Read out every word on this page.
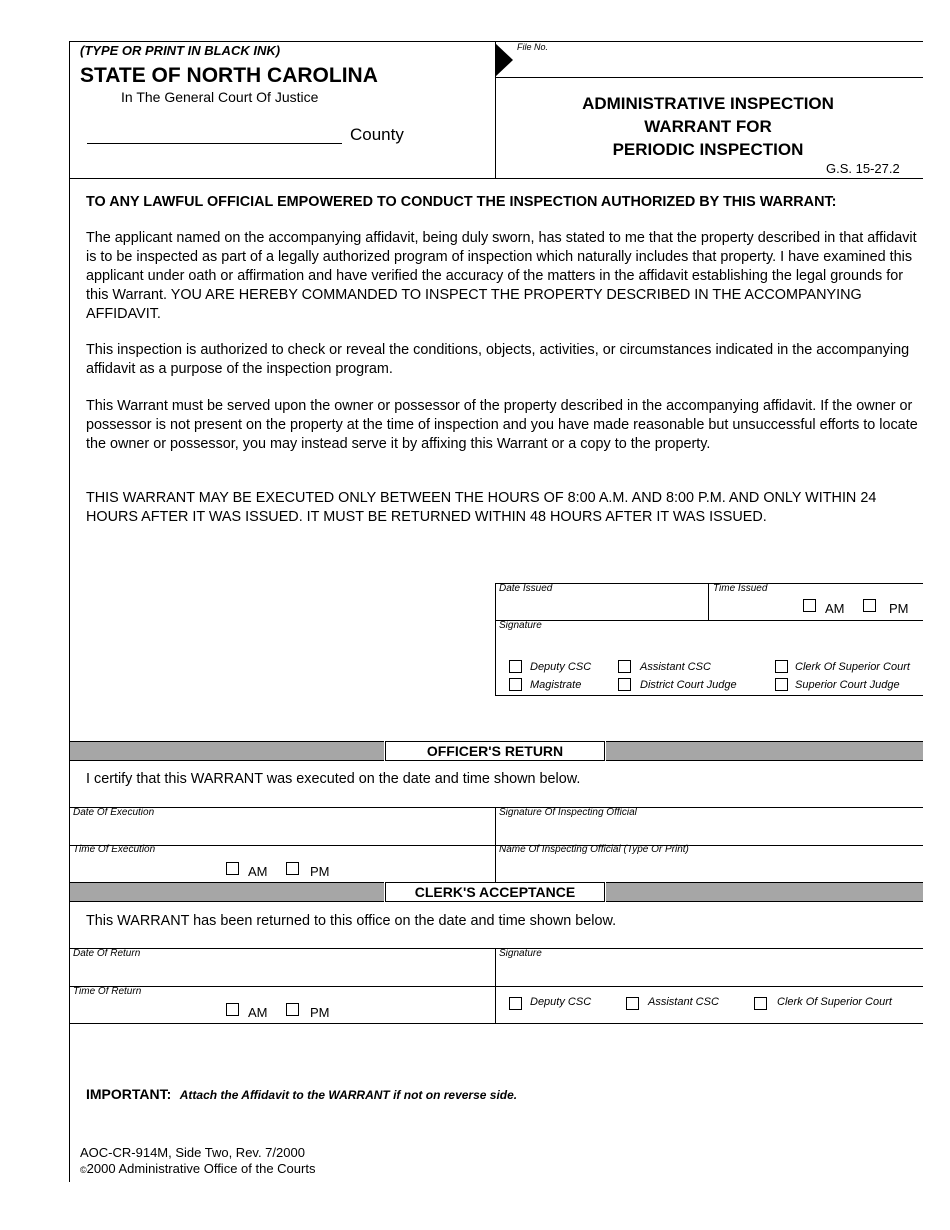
(TYPE OR PRINT IN BLACK INK)
STATE OF NORTH CAROLINA
In The General Court Of Justice
County
File No.
ADMINISTRATIVE INSPECTION
WARRANT FOR
PERIODIC INSPECTION
G.S. 15-27.2
TO ANY LAWFUL OFFICIAL EMPOWERED TO CONDUCT THE INSPECTION AUTHORIZED BY THIS WARRANT:
The applicant named on the accompanying affidavit, being duly sworn, has stated to me that the property described in that affidavit is to be inspected as part of a legally authorized program of inspection which naturally includes that property. I have examined this applicant under oath or affirmation and have verified the accuracy of the matters in the affidavit establishing the legal grounds for this Warrant. YOU ARE HEREBY COMMANDED TO INSPECT THE PROPERTY DESCRIBED IN THE ACCOMPANYING AFFIDAVIT.
This inspection is authorized to check or reveal the conditions, objects, activities, or circumstances indicated in the accompanying affidavit as a purpose of the inspection program.
This Warrant must be served upon the owner or possessor of the property described in the accompanying affidavit. If the owner or possessor is not present on the property at the time of inspection and you have made reasonable but unsuccessful efforts to locate the owner or possessor, you may instead serve it by affixing this Warrant or a copy to the property.
THIS WARRANT MAY BE EXECUTED ONLY BETWEEN THE HOURS OF 8:00 A.M. AND 8:00 P.M. AND ONLY WITHIN 24 HOURS AFTER IT WAS ISSUED. IT MUST BE RETURNED WITHIN 48 HOURS AFTER IT WAS ISSUED.
Date Issued	Time Issued
AM	PM
Signature
Deputy CSC	Assistant CSC	Clerk Of Superior Court
Magistrate	District Court Judge	Superior Court Judge
OFFICER'S RETURN
I certify that this WARRANT was executed on the date and time shown below.
Date Of Execution	Signature Of Inspecting Official
Time Of Execution
AM	PM
Name Of Inspecting Official (Type Or Print)
CLERK'S ACCEPTANCE
This WARRANT has been returned to this office on the date and time shown below.
Date Of Return	Signature
Time Of Return
AM	PM
Deputy CSC	Assistant CSC	Clerk Of Superior Court
IMPORTANT: Attach the Affidavit to the WARRANT if not on reverse side.
AOC-CR-914M, Side Two, Rev. 7/2000
©2000 Administrative Office of the Courts
